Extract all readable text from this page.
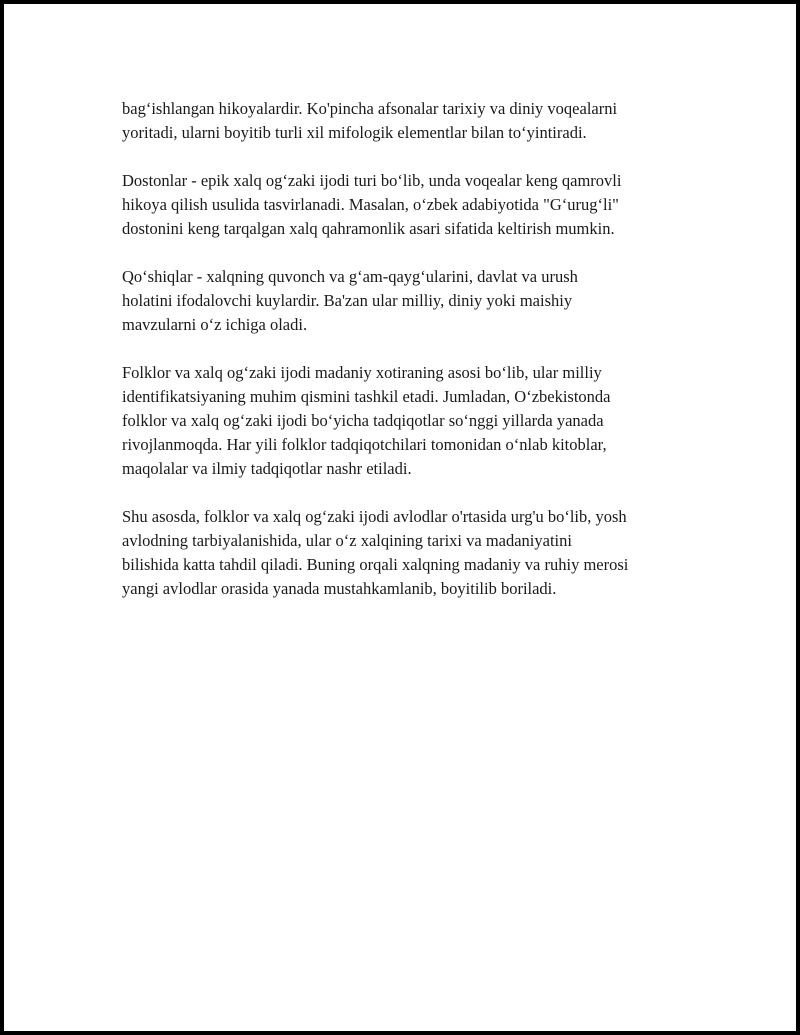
bag‘ishlangan hikoyalardir. Ko'pincha afsonalar tarixiy va diniy voqealarni
yoritadi, ularni boyitib turli xil mifologik elementlar bilan to‘yintiradi.

Dostonlar - epik xalq og‘zaki ijodi turi bo‘lib, unda voqealar keng qamrovli
hikoya qilish usulida tasvirlanadi. Masalan, o‘zbek adabiyotida "G‘urug‘li"
dostonini keng tarqalgan xalq qahramonlik asari sifatida keltirish mumkin.

Qo‘shiqlar - xalqning quvonch va g‘am-qayg‘ularini, davlat va urush
holatini ifodalovchi kuylardir. Ba'zan ular milliy, diniy yoki maishiy
mavzularni o‘z ichiga oladi.

Folklor va xalq og‘zaki ijodi madaniy xotiraning asosi bo‘lib, ular milliy
identifikatsiyaning muhim qismini tashkil etadi. Jumladan, O‘zbekistonda
folklor va xalq og‘zaki ijodi bo‘yicha tadqiqotlar so‘nggi yillarda yanada
rivojlanmoqda. Har yili folklor tadqiqotchilari tomonidan o‘nlab kitoblar,
maqolalar va ilmiy tadqiqotlar nashr etiladi.

Shu asosda, folklor va xalq og‘zaki ijodi avlodlar o'rtasida urg'u bo‘lib, yosh
avlodning tarbiyalanishida, ular o‘z xalqining tarixi va madaniyatini
bilishida katta tahdil qiladi. Buning orqali xalqning madaniy va ruhiy merosi
yangi avlodlar orasida yanada mustahkamlanib, boyitilib boriladi.
